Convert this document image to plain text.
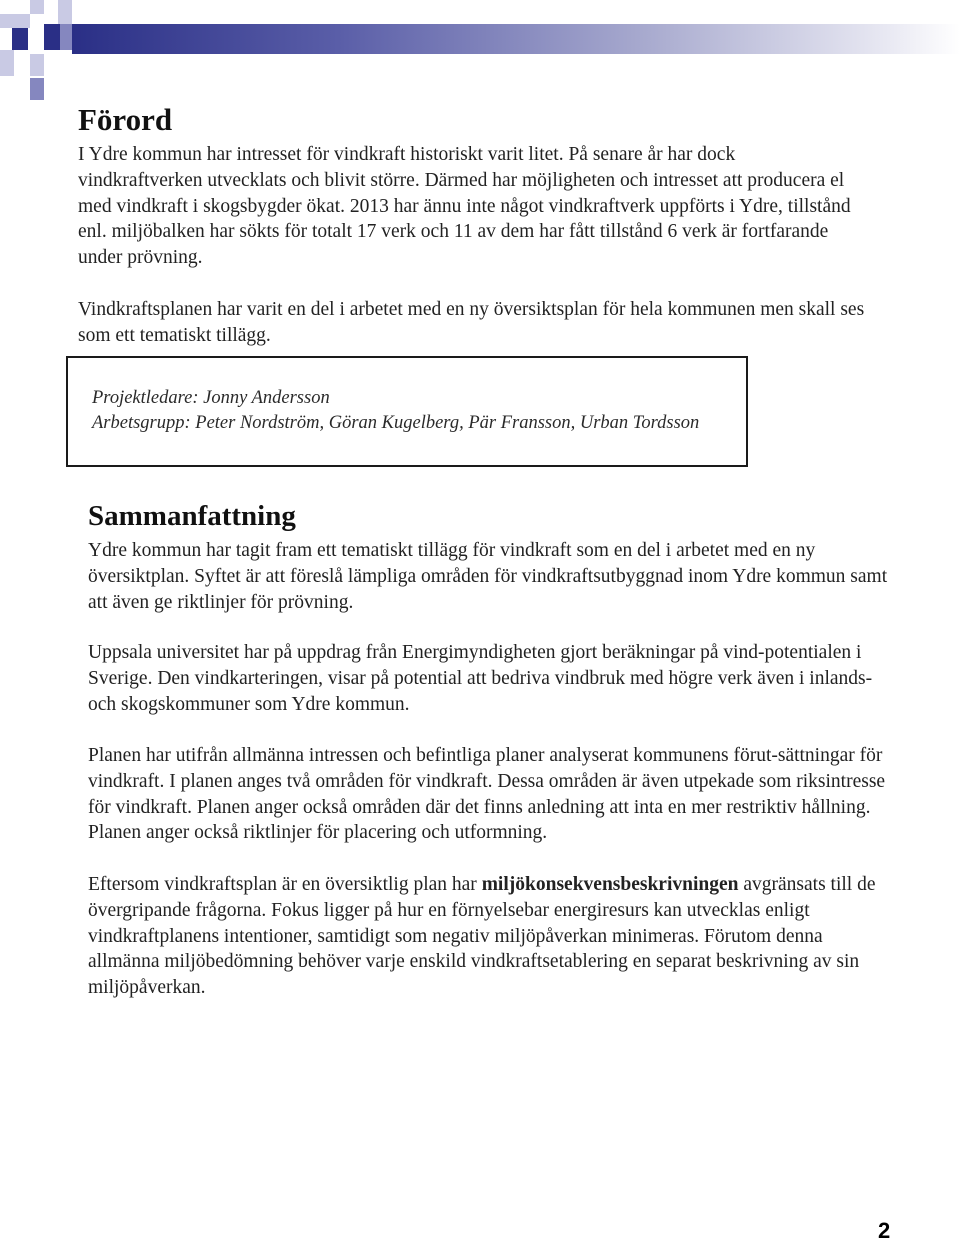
Förord

I Ydre kommun har intresset för vindkraft historiskt varit litet. På senare år har dock vindkraftverken utvecklats och blivit större. Därmed har möjligheten och intresset att producera el med vindkraft i skogsbygder ökat. 2013 har ännu inte något vindkraftverk uppförts i Ydre, tillstånd enl. miljöbalken har sökts för totalt 17 verk och 11 av dem har fått tillstånd 6 verk är fortfarande under prövning.

Vindkraftsplanen har varit en del i arbetet med en ny översiktsplan för hela kommunen men skall ses som ett tematiskt tillägg.

Projektledare: Jonny Andersson

Arbetsgrupp: Peter Nordström, Göran Kugelberg, Pär Fransson, Urban Tordsson

Sammanfattning

Ydre kommun har tagit fram ett tematiskt tillägg för vindkraft som en del i arbetet med en ny översiktplan. Syftet är att föreslå lämpliga områden för vindkraftsutbyggnad inom Ydre kommun samt att även ge riktlinjer för prövning.

Uppsala universitet har på uppdrag från Energimyndigheten gjort beräkningar på vind-potentialen i Sverige. Den vindkarteringen, visar på potential att bedriva vindbruk med högre verk även i inlands- och skogskommuner som Ydre kommun.

Planen har utifrån allmänna intressen och befintliga planer analyserat kommunens förut-sättningar för vindkraft. I planen anges två områden för vindkraft. Dessa områden är även utpekade som riksintresse för vindkraft. Planen anger också områden där det finns anledning att inta en mer restriktiv hållning. Planen anger också riktlinjer för placering och utformning.

Eftersom vindkraftsplan är en översiktlig plan har miljökonsekvensbeskrivningen avgränsats till de övergripande frågorna. Fokus ligger på hur en förnyelsebar energiresurs kan utvecklas enligt vindkraftplanens intentioner, samtidigt som negativ miljöpåverkan minimeras. Förutom denna allmänna miljöbedömning behöver varje enskild vindkraftsetablering en separat beskrivning av sin miljöpåverkan.

2
